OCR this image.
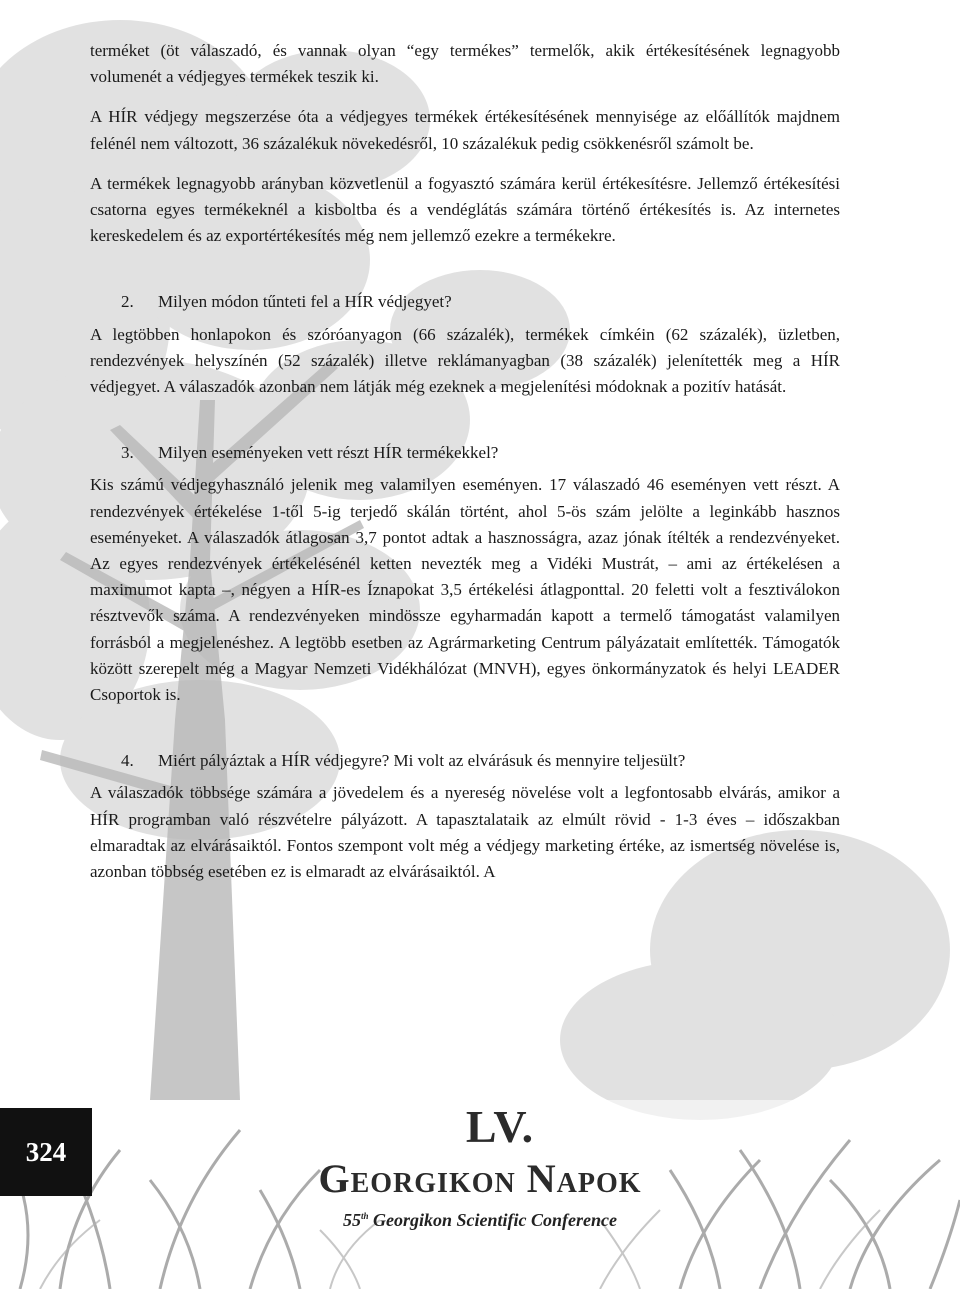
terméket (öt válaszadó, és vannak olyan “egy termékes” termelők, akik értékesítésének legnagyobb volumenét a védjegyes termékek teszik ki.

A HÍR védjegy megszerzése óta a védjegyes termékek értékesítésének mennyisége az előállítók majdnem felénél nem változott, 36 százalékuk növekedésről, 10 százalékuk pedig csökkenésről számolt be.

A termékek legnagyobb arányban közvetlenül a fogyasztó számára kerül értékesítésre. Jellemző értékesítési csatorna egyes termékeknél a kisboltba és a vendéglátás számára történő értékesítés is. Az internetes kereskedelem és az exportértékesítés még nem jellemző ezekre a termékekre.

2. Milyen módon tűnteti fel a HÍR védjegyet?

A legtöbben honlapokon és szóróanyagon (66 százalék), termékek címkéin (62 százalék), üzletben, rendezvények helyszínén (52 százalék) illetve reklámanyagban (38 százalék) jelenítették meg a HÍR védjegyet. A válaszadók azonban nem látják még ezeknek a megjelenítési módoknak a pozitív hatását.

3. Milyen eseményeken vett részt HÍR termékekkel?

Kis számú védjegyhasználó jelenik meg valamilyen eseményen. 17 válaszadó 46 eseményen vett részt. A rendezvények értékelése 1-től 5-ig terjedő skálán történt, ahol 5-ös szám jelölte a leginkább hasznos eseményeket. A válaszadók átlagosan 3,7 pontot adtak a hasznosságra, azaz jónak ítélték a rendezvényeket. Az egyes rendezvények értékelésénél ketten nevezték meg a Vidéki Mustrát, – ami az értékelésen a maximumot kapta –, négyen a HÍR-es Íznapokat 3,5 értékelési átlagponttal. 20 feletti volt a fesztiválokon résztvevők száma. A rendezvényeken mindössze egyharmadán kapott a termelő támogatást valamilyen forrásból a megjelenéshez. A legtöbb esetben az Agrármarketing Centrum pályázatait említették. Támogatók között szerepelt még a Magyar Nemzeti Vidékhálózat (MNVH), egyes önkormányzatok és helyi LEADER Csoportok is.

4. Miért pályáztak a HÍR védjegyre? Mi volt az elvárásuk és mennyire teljesült?

A válaszadók többsége számára a jövedelem és a nyereség növelése volt a legfontosabb elvárás, amikor a HÍR programban való részvételre pályázott. A tapasztalataik az elmúlt rövid - 1-3 éves – időszakban elmaradtak az elvárásaiktól. Fontos szempont volt még a védjegy marketing értéke, az ismertség növelése is, azonban többség esetében ez is elmaradt az elvárásaiktól. A

324	LV.
Georgikon Napok
55th Georgikon Scientific Conference
